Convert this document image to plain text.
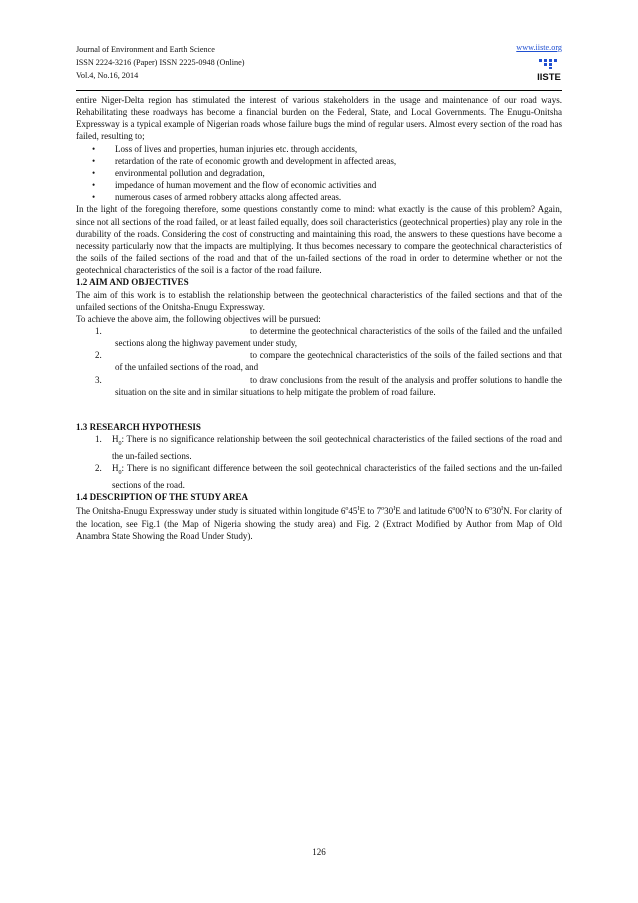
Journal of Environment and Earth Science
ISSN 2224-3216 (Paper) ISSN 2225-0948 (Online)
Vol.4, No.16, 2014
www.iiste.org
IISTE

entire Niger-Delta region has stimulated the interest of various stakeholders in the usage and maintenance of our road ways. Rehabilitating these roadways has become a financial burden on the Federal, State, and Local Governments. The Enugu-Onitsha Expressway is a typical example of Nigerian roads whose failure bugs the mind of regular users. Almost every section of the road has failed, resulting to;

• Loss of lives and properties, human injuries etc. through accidents,

• retardation of the rate of economic growth and development in affected areas,

• environmental pollution and degradation,

• impedance of human movement and the flow of economic activities and

• numerous cases of armed robbery attacks along affected areas.

In the light of the foregoing therefore, some questions constantly come to mind: what exactly is the cause of this problem? Again, since not all sections of the road failed, or at least failed equally, does soil characteristics (geotechnical properties) play any role in the durability of the roads. Considering the cost of constructing and maintaining this road, the answers to these questions have become a necessity particularly now that the impacts are multiplying. It thus becomes necessary to compare the geotechnical characteristics of the soils of the failed sections of the road and that of the un-failed sections of the road in order to determine whether or not the geotechnical characteristics of the soil is a factor of the road failure.

1.2 AIM AND OBJECTIVES

The aim of this work is to establish the relationship between the geotechnical characteristics of the failed sections and that of the unfailed sections of the Onitsha-Enugu Expressway.

To achieve the above aim, the following objectives will be pursued:

1.	to determine the geotechnical characteristics of the soils of the failed and the unfailed sections along the highway pavement under study,

2.	to compare the geotechnical characteristics of the soils of the failed sections and that of the unfailed sections of the road, and

3.	to draw conclusions from the result of the analysis and proffer solutions to handle the situation on the site and in similar situations to help mitigate the problem of road failure.

1.3 RESEARCH HYPOTHESIS

1. $H_0$: There is no significance relationship between the soil geotechnical characteristics of the failed sections of the road and the un-failed sections.

2. $H_0$: There is no significant difference between the soil geotechnical characteristics of the failed sections and the un-failed sections of the road.

1.4 DESCRIPTION OF THE STUDY AREA

The Onitsha-Enugu Expressway under study is situated within longitude $6^o45^IE$ to $7^o30^IE$ and latitude $6^o00^IN$ to $6^o30^IN$. For clarity of the location, see Fig.1 (the Map of Nigeria showing the study area) and Fig. 2 (Extract Modified by Author from Map of Old Anambra State Showing the Road Under Study).

126
